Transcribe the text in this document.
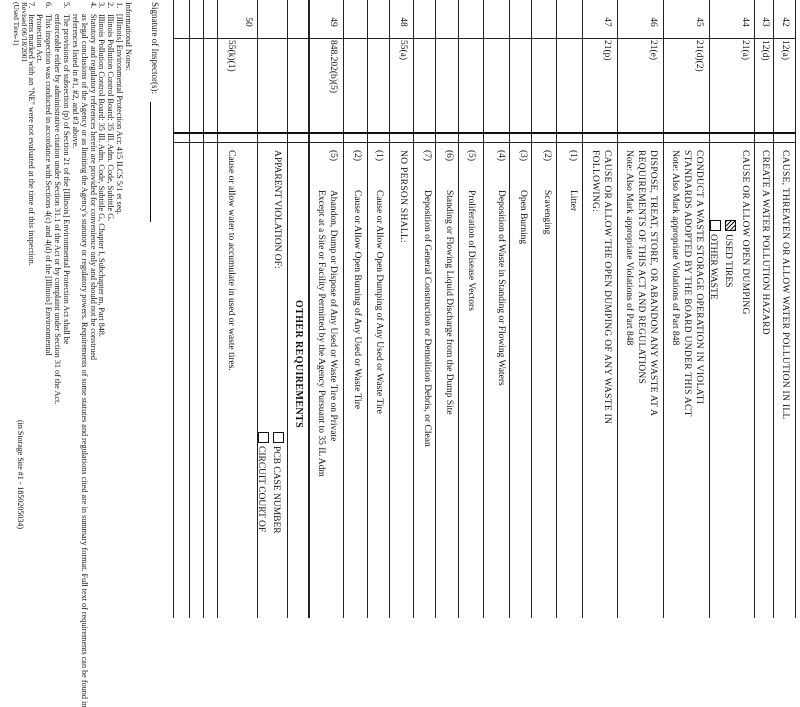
42
12(a)
CAUSE, THREATEN OR ALLOW WATER POLLUTION IN ILL
43
12(d)
CREATE A WATER POLLUTION HAZARD
44
21(a)
CAUSE OR ALLOW OPEN DUMPING
USED TIRES
OTHER WASTE
45
21(d)(2)
CONDUCT A WASTE STORAGE OPERATION IN VIOLATI
STANDARDS ADOPTED BY THE BOARD UNDER THIS ACT
Note: Also Mark appropriate Violations of Part 848
46
21(e)
DISPOSE, TREAT, STORE, OR ABANDON ANY WASTE AT A
REQUIREMENTS OF THIS ACT AND REGULATIONS
Note: Also Mark appropriate Violations of Part 848
47
21(p)
CAUSE OR ALLOW THE OPEN DUMPING OF ANY WASTE IN
FOLLOWING:
(1)
Litter
(2)
Scavenging
(3)
Open Burning
(4)
Deposition of Waste in Standing or Flowing Waters
(5)
Proliferation of Disease Vectors
(6)
Standing or Flowing Liquid Discharge from the Dump Site
(7)
Deposition of General Construction or Demolition Debris, or Clean
48
55(a)
NO PERSON SHALL:
(1)
Cause or Allow Open Dumping of Any Used or Waste Tire
(2)
Cause or Allow Open Burning of Any Used or Waste Tire
49
848.202(b)(5)
(5)
Abandon, Dump or Dispose of Any Used or Waste Tire on Private
Except at a Site or Facility Permitted by the Agency Pursuant to 35 IL Adm
OTHER REQUIREMENTS
APPARENT VIOLATION OF:
PCB CASE NUMBER
CIRCUIT COURT OF
50
55(k)(1)
Cause or allow water to accumulate in used or waste tires.
Signature of Inspector(s):
Informational Notes:
1.[Illinois] Environmental Protection Act: 415 ILCS 5/1 et seq.
2.Illinois Pollution Control Board: 35 Ill. Adm. Code, Subtitle G.
3.Illinois Pollution Control Board: 35 Ill. Adm. Code, Subtitle G, Chapter I, Subchapter m, Part 848.
4.Statutory and regulatory references herein are provided for convenience only and should not be construed
as legal conclusions of the Agency or as limiting the Agency's statutory or regulatory powers. Requirements of some statutes and regulations cited are in summary format. Full text of requirements can be found in
references listed in #1, #2, and #3 above.
5.The provisions of subsection (p) of Section 21 of the [Illinois] Environmental Protection Act shall be
enforceable either by administrative citation under Section 31.1 of the Act or by complaint under Section 31 of the Act.
6.This inspection was conducted in accordance with Sections 4(c) and 4(d) of the [Illinois] Environmental
Protection Act.
7.Items marked with an "NE" were not evaluated at the time of this inspection.
Revised 06/18/2001
(Used Tires-1)
(in Storage Site #1 - 1850205034)
